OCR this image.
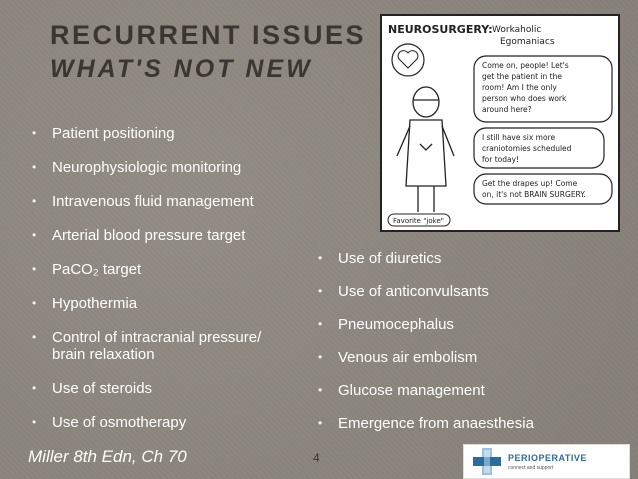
RECURRENT ISSUES
WHAT'S NOT NEW
• Patient positioning
• Neurophysiologic monitoring
• Intravenous fluid management
• Arterial blood pressure target
• PaCO₂ target
• Hypothermia
• Control of intracranial pressure/
brain relaxation
• Use of steroids
• Use of osmotherapy
• Use of diuretics
• Use of anticonvulsants
• Pneumocephalus
• Venous air embolism
• Glucose management
• Emergence from anaesthesia
NEUROSURGERY: Workaholic
Egomaniacs
Come on, people! Let's
get the patient in the
room! Am I the only
person who does work
around here?
I still have six more
craniotomies scheduled
for today!
Get the drapes up! Come
on, it's not BRAIN SURGERY.
Favorite "joke"
Miller 8th Edn, Ch 70	4	PERIOPERATIVE
connect and support
